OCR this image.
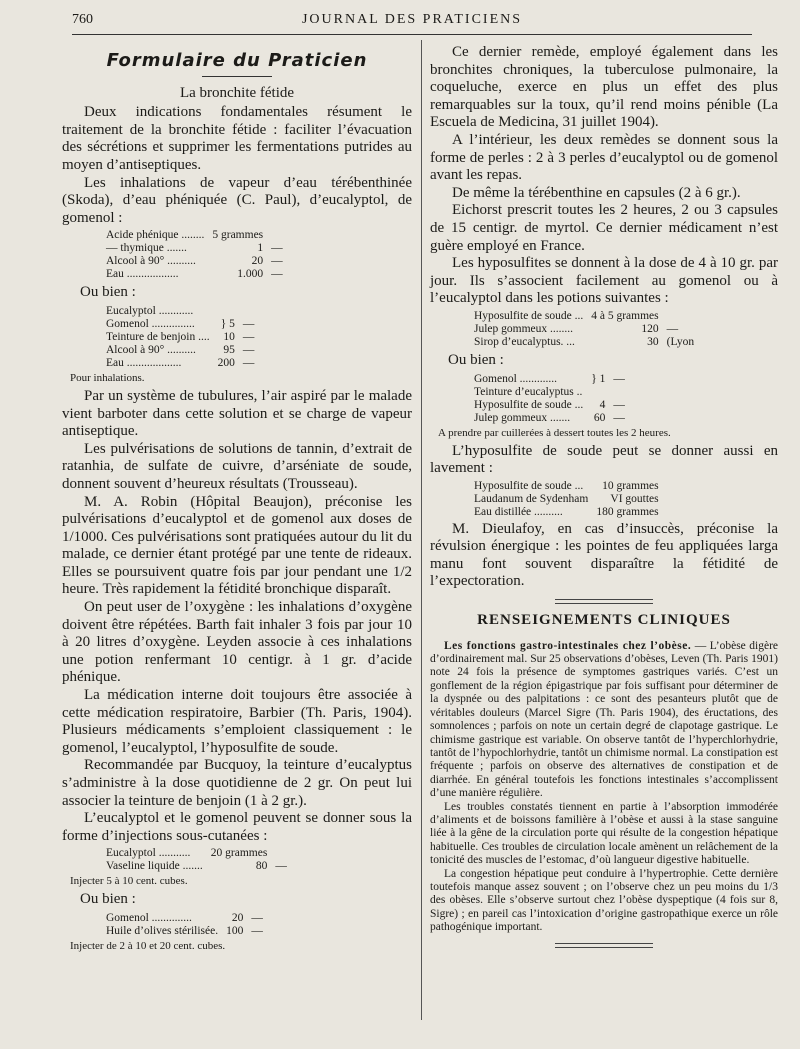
760	JOURNAL DES PRATICIENS
Formulaire du Praticien
La bronchite fétide

Deux indications fondamentales résument le traitement de la bronchite fétide : faciliter l’évacuation des sécrétions et supprimer les fermentations putrides au moyen d’antiseptiques.

Les inhalations de vapeur d’eau térébenthinée (Skoda), d’eau phéniquée (C. Paul), d’eucalyptol, de gomenol :

Acide phénique ........	5 grammes	
— thymique .......	1	—
Alcool à 90° ..........	20	—
Eau ..................	1.000	—

Ou bien :

Eucalyptol ............		
Gomenol ...............	} 5	—
Teinture de benjoin ....	10	—
Alcool à 90° ..........	95	—
Eau ...................	200	—
Pour inhalations.

Par un système de tubulures, l’air aspiré par le malade vient barboter dans cette solution et se charge de vapeur antiseptique.

Les pulvérisations de solutions de tannin, d’extrait de ratanhia, de sulfate de cuivre, d’arséniate de soude, donnent souvent d’heureux résultats (Trousseau).

M. A. Robin (Hôpital Beaujon), préconise les pulvérisations d’eucalyptol et de gomenol aux doses de 1/1000. Ces pulvérisations sont pratiquées autour du lit du malade, ce dernier étant protégé par une tente de rideaux. Elles se poursuivent quatre fois par jour pendant une 1/2 heure. Très rapidement la fétidité bronchique disparaît.

On peut user de l’oxygène : les inhalations d’oxygène doivent être répétées. Barth fait inhaler 3 fois par jour 10 à 20 litres d’oxygène. Leyden associe à ces inhalations une potion renfermant 10 centigr. à 1 gr. d’acide phénique.

La médication interne doit toujours être associée à cette médication respiratoire, Barbier (Th. Paris, 1904). Plusieurs médicaments s’emploient classiquement : le gomenol, l’eucalyptol, l’hyposulfite de soude.

Recommandée par Bucquoy, la teinture d’eucalyptus s’administre à la dose quotidienne de 2 gr. On peut lui associer la teinture de benjoin (1 à 2 gr.).

L’eucalyptol et le gomenol peuvent se donner sous la forme d’injections sous-cutanées :

Eucalyptol ...........	20 grammes	
Vaseline liquide .......	80	—
Injecter 5 à 10 cent. cubes.

Ou bien :

Gomenol ..............	20	—
Huile d’olives stérilisée.	100	—
Injecter de 2 à 10 et 20 cent. cubes.

Ce dernier remède, employé également dans les bronchites chroniques, la tuberculose pulmonaire, la coqueluche, exerce en plus un effet des plus remarquables sur la toux, qu’il rend moins pénible (La Escuela de Medicina, 31 juillet 1904).

A l’intérieur, les deux remèdes se donnent sous la forme de perles : 2 à 3 perles d’eucalyptol ou de gomenol avant les repas.

De même la térébenthine en capsules (2 à 6 gr.).

Eichorst prescrit toutes les 2 heures, 2 ou 3 capsules de 15 centigr. de myrtol. Ce dernier médicament n’est guère employé en France.

Les hyposulfites se donnent à la dose de 4 à 10 gr. par jour. Ils s’associent facilement au gomenol ou à l’eucalyptol dans les potions suivantes :

Hyposulfite de soude ...	4 à 5 grammes	
Julep gommeux ........	120	—
Sirop d’eucalyptus. ...	30	(Lyon

Ou bien :

Gomenol .............	} 1	—
Teinture d’eucalyptus ..		
Hyposulfite de soude ...	4	—
Julep gommeux .......	60	—
A prendre par cuillerées à dessert toutes les 2 heures.

L’hyposulfite de soude peut se donner aussi en lavement :

Hyposulfite de soude ...	10 grammes	
Laudanum de Sydenham	VI gouttes	
Eau distillée ..........	180 grammes	

M. Dieulafoy, en cas d’insuccès, préconise la révulsion énergique : les pointes de feu appliquées larga manu font souvent disparaître la fétidité de l’expectoration.

RENSEIGNEMENTS CLINIQUES

Les fonctions gastro-intestinales chez l’obèse. — L’obèse digère d’ordinairement mal. Sur 25 observations d’obèses, Leven (Th. Paris 1901) note 24 fois la présence de symptomes gastriques variés. C’est un gonflement de la région épigastrique par fois suffisant pour déterminer de la dyspnée ou des palpitations : ce sont des pesanteurs plutôt que de véritables douleurs (Marcel Sigre (Th. Paris 1904), des éructations, des somnolences ; parfois on note un certain degré de clapotage gastrique. Le chimisme gastrique est variable. On observe tantôt de l’hyperchlorhydrie, tantôt de l’hypochlorhydrie, tantôt un chimisme normal. La constipation est fréquente ; parfois on observe des alternatives de constipation et de diarrhée. En général toutefois les fonctions intestinales s’accomplissent d’une manière régulière.

Les troubles constatés tiennent en partie à l’absorption immodérée d’aliments et de boissons familière à l’obèse et aussi à la stase sanguine liée à la gêne de la circulation porte qui résulte de la congestion hépatique habituelle. Ces troubles de circulation locale amènent un relâchement de la tonicité des muscles de l’estomac, d’où langueur digestive habituelle.

La congestion hépatique peut conduire à l’hypertrophie. Cette dernière toutefois manque assez souvent ; on l’observe chez un peu moins du 1/3 des obèses. Elle s’observe surtout chez l’obèse dyspeptique (4 fois sur 8, Sigre) ; en pareil cas l’intoxication d’origine gastropathique exerce un rôle pathogénique important.
